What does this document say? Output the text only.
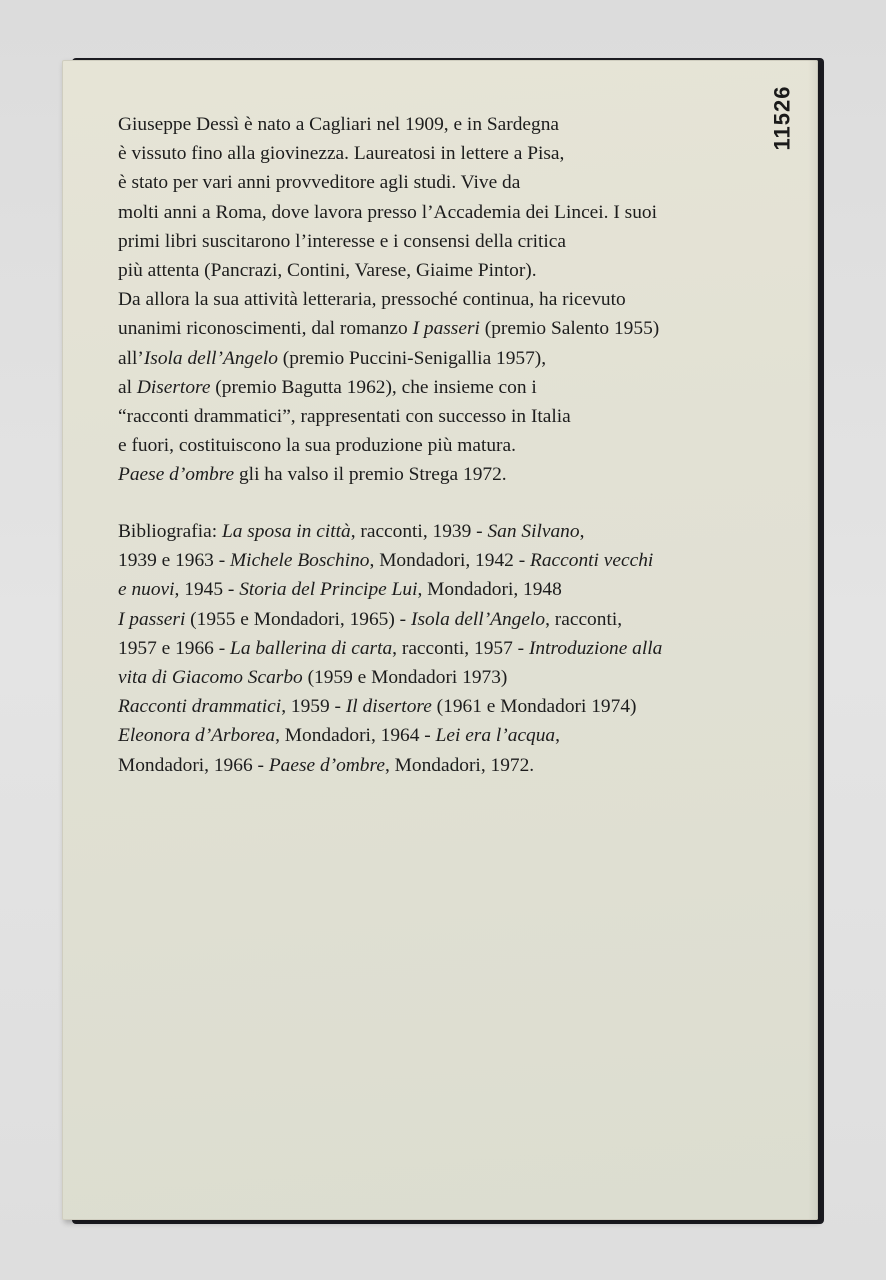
11526
Giuseppe Dessì è nato a Cagliari nel 1909, e in Sardegna
è vissuto fino alla giovinezza. Laureatosi in lettere a Pisa,
è stato per vari anni provveditore agli studi. Vive da
molti anni a Roma, dove lavora presso l’Accademia dei Lincei. I suoi
primi libri suscitarono l’interesse e i consensi della critica
più attenta (Pancrazi, Contini, Varese, Giaime Pintor).
Da allora la sua attività letteraria, pressoché continua, ha ricevuto
unanimi riconoscimenti, dal romanzo I passeri (premio Salento 1955)
all’Isola dell’Angelo (premio Puccini-Senigallia 1957),
al Disertore (premio Bagutta 1962), che insieme con i
“racconti drammatici”, rappresentati con successo in Italia
e fuori, costituiscono la sua produzione più matura.
Paese d’ombre gli ha valso il premio Strega 1972.
Bibliografia: La sposa in città, racconti, 1939 - San Silvano,
1939 e 1963 - Michele Boschino, Mondadori, 1942 - Racconti vecchi
e nuovi, 1945 - Storia del Principe Lui, Mondadori, 1948
I passeri (1955 e Mondadori, 1965) - Isola dell’Angelo, racconti,
1957 e 1966 - La ballerina di carta, racconti, 1957 - Introduzione alla
vita di Giacomo Scarbo (1959 e Mondadori 1973)
Racconti drammatici, 1959 - Il disertore (1961 e Mondadori 1974)
Eleonora d’Arborea, Mondadori, 1964 - Lei era l’acqua,
Mondadori, 1966 - Paese d’ombre, Mondadori, 1972.
